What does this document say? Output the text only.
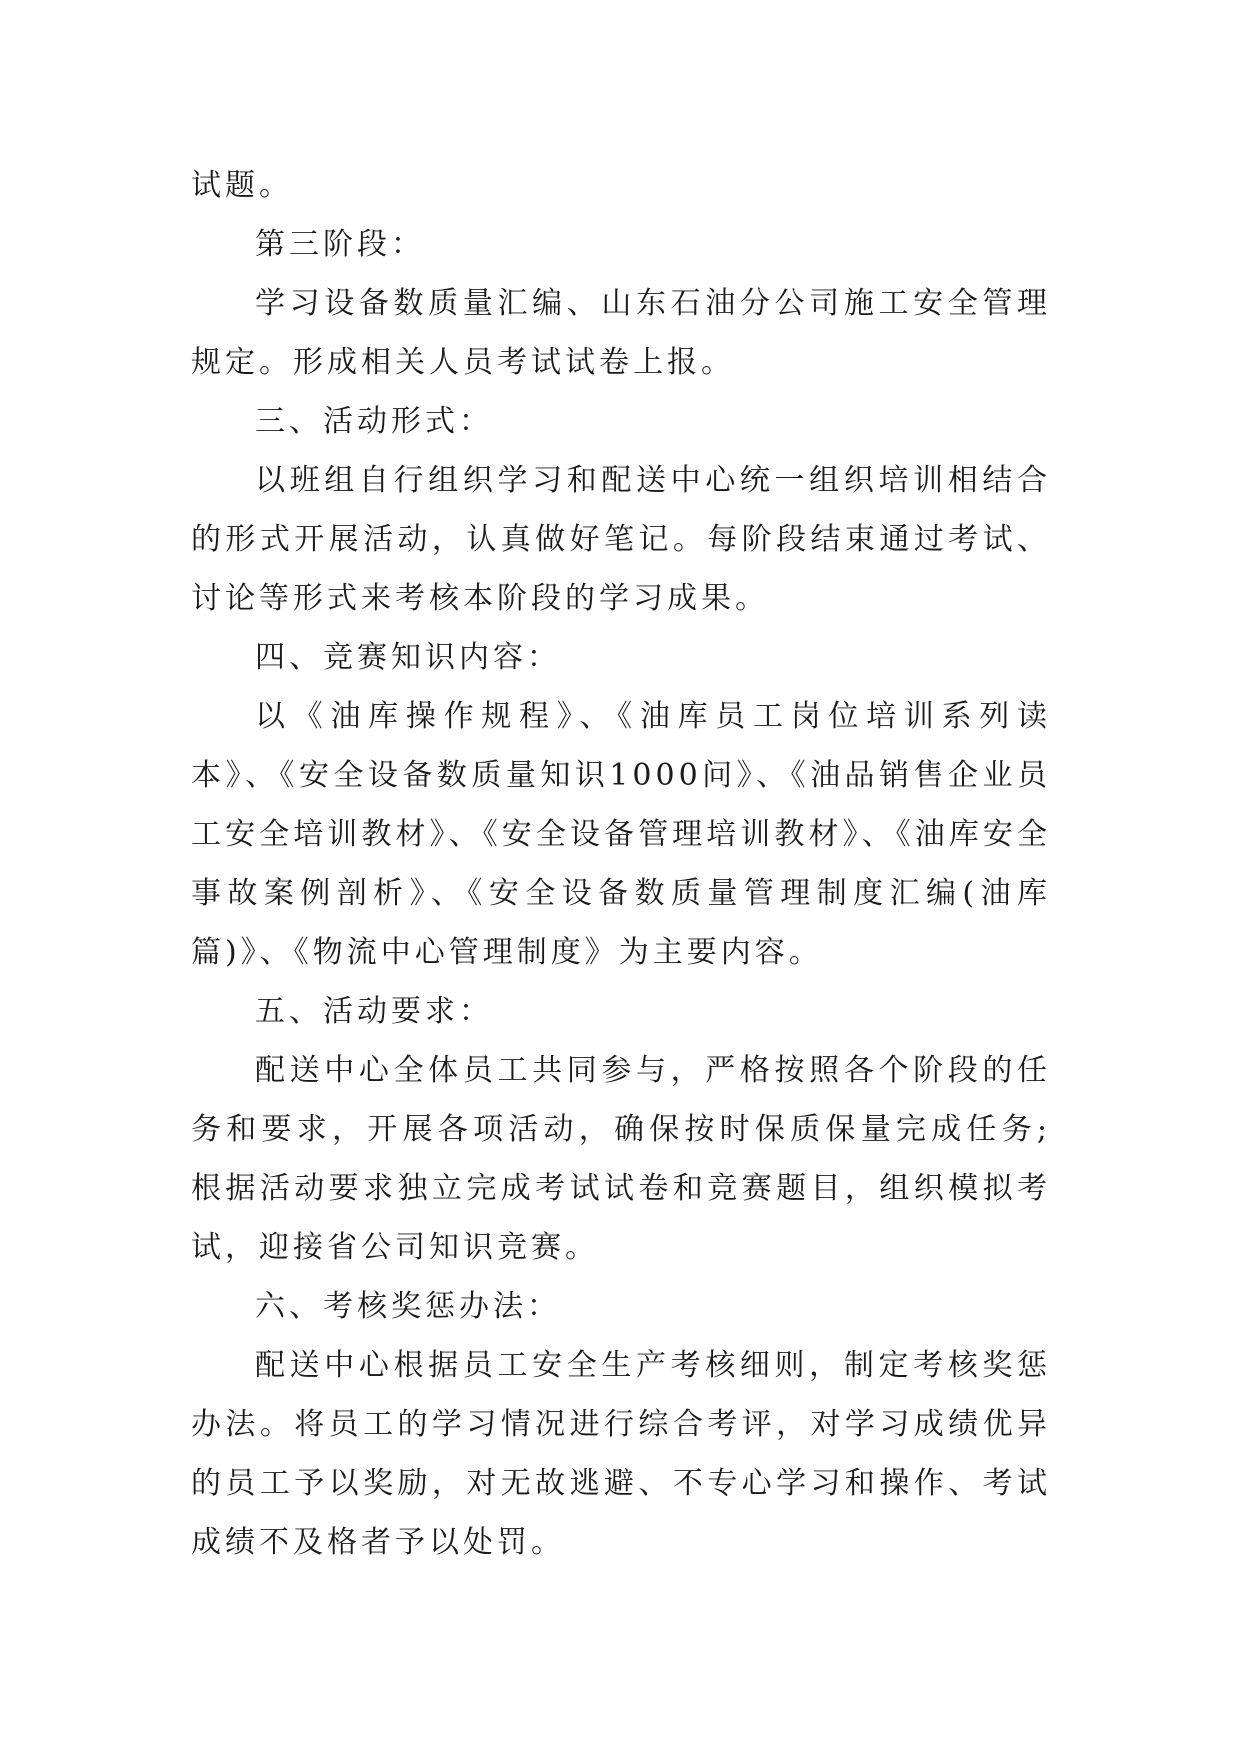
试题。

第三阶段：

学习设备数质量汇编、山东石油分公司施工安全管理规定。形成相关人员考试试卷上报。

三、活动形式：

以班组自行组织学习和配送中心统一组织培训相结合的形式开展活动，认真做好笔记。每阶段结束通过考试、讨论等形式来考核本阶段的学习成果。

四、竞赛知识内容：

以《油库操作规程》、《油库员工岗位培训系列读本》、《安全设备数质量知识1000问》、《油品销售企业员工安全培训教材》、《安全设备管理培训教材》、《油库安全事故案例剖析》、《安全设备数质量管理制度汇编(油库篇)》、《物流中心管理制度》为主要内容。

五、活动要求：

配送中心全体员工共同参与，严格按照各个阶段的任务和要求，开展各项活动，确保按时保质保量完成任务;根据活动要求独立完成考试试卷和竞赛题目，组织模拟考试，迎接省公司知识竞赛。

六、考核奖惩办法：

配送中心根据员工安全生产考核细则，制定考核奖惩办法。将员工的学习情况进行综合考评，对学习成绩优异的员工予以奖励，对无故逃避、不专心学习和操作、考试成绩不及格者予以处罚。
